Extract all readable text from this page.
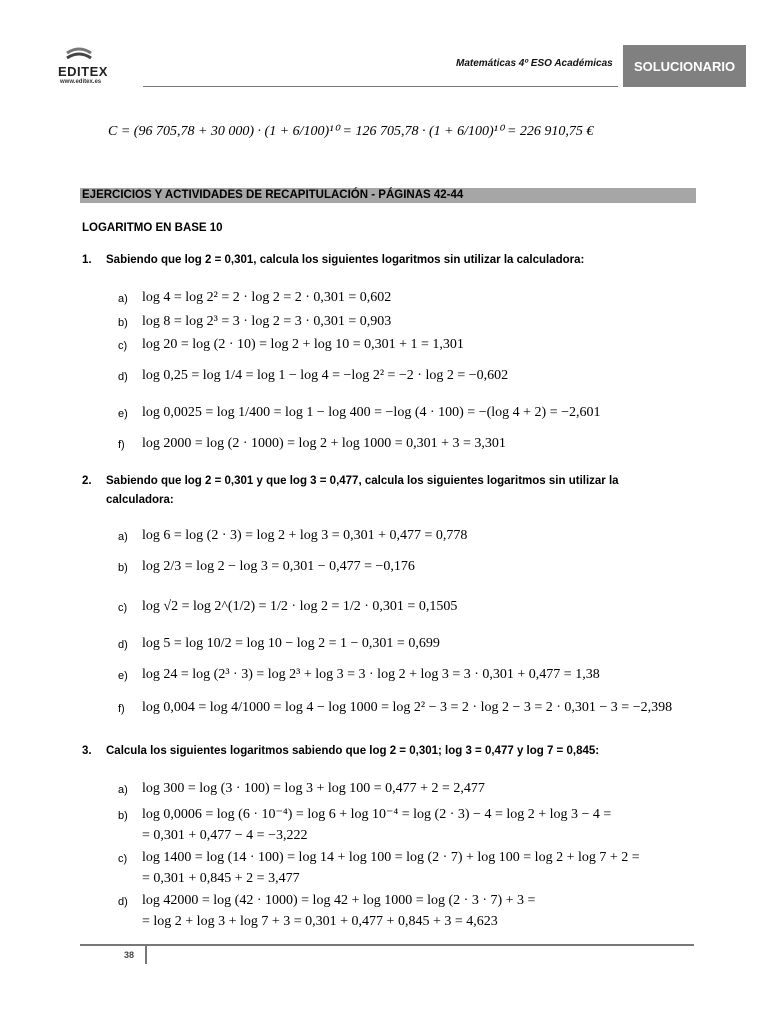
EDITEX
www.editex.es
Matemáticas 4º ESO Académicas	SOLUCIONARIO
C = (96 705,78 + 30 000) · (1 + 6/100)¹⁰ = 126 705,78 · (1 + 6/100)¹⁰ = 226 910,75 €
EJERCICIOS Y ACTIVIDADES DE RECAPITULACIÓN - PÁGINAS 42-44
LOGARITMO EN BASE 10
1. Sabiendo que log 2 = 0,301, calcula los siguientes logaritmos sin utilizar la calculadora:
a) log 4 = log 2² = 2 · log 2 = 2 · 0,301 = 0,602
b) log 8 = log 2³ = 3 · log 2 = 3 · 0,301 = 0,903
c) log 20 = log (2 · 10) = log 2 + log 10 = 0,301 + 1 = 1,301
d) log 0,25 = log 1/4 = log 1 − log 4 = −log 2² = −2 · log 2 = −0,602
e) log 0,0025 = log 1/400 = log 1 − log 400 = −log (4 · 100) = −(log 4 + 2) = −2,601
f) log 2000 = log (2 · 1000) = log 2 + log 1000 = 0,301 + 3 = 3,301
2. Sabiendo que log 2 = 0,301 y que log 3 = 0,477, calcula los siguientes logaritmos sin utilizar la
calculadora:
a) log 6 = log (2 · 3) = log 2 + log 3 = 0,301 + 0,477 = 0,778
b) log 2/3 = log 2 − log 3 = 0,301 − 0,477 = −0,176
c) log √2 = log 2^(1/2) = 1/2 · log 2 = 1/2 · 0,301 = 0,1505
d) log 5 = log 10/2 = log 10 − log 2 = 1 − 0,301 = 0,699
e) log 24 = log (2³ · 3) = log 2³ + log 3 = 3 · log 2 + log 3 = 3 · 0,301 + 0,477 = 1,38
f) log 0,004 = log 4/1000 = log 4 − log 1000 = log 2² − 3 = 2 · log 2 − 3 = 2 · 0,301 − 3 = −2,398
3. Calcula los siguientes logaritmos sabiendo que log 2 = 0,301; log 3 = 0,477 y log 7 = 0,845:
a) log 300 = log (3 · 100) = log 3 + log 100 = 0,477 + 2 = 2,477
b) log 0,0006 = log (6 · 10⁻⁴) = log 6 + log 10⁻⁴ = log (2 · 3) − 4 = log 2 + log 3 − 4 =
= 0,301 + 0,477 − 4 = −3,222
c) log 1400 = log (14 · 100) = log 14 + log 100 = log (2 · 7) + log 100 = log 2 + log 7 + 2 =
= 0,301 + 0,845 + 2 = 3,477
d) log 42000 = log (42 · 1000) = log 42 + log 1000 = log (2 · 3 · 7) + 3 =
= log 2 + log 3 + log 7 + 3 = 0,301 + 0,477 + 0,845 + 3 = 4,623
38
